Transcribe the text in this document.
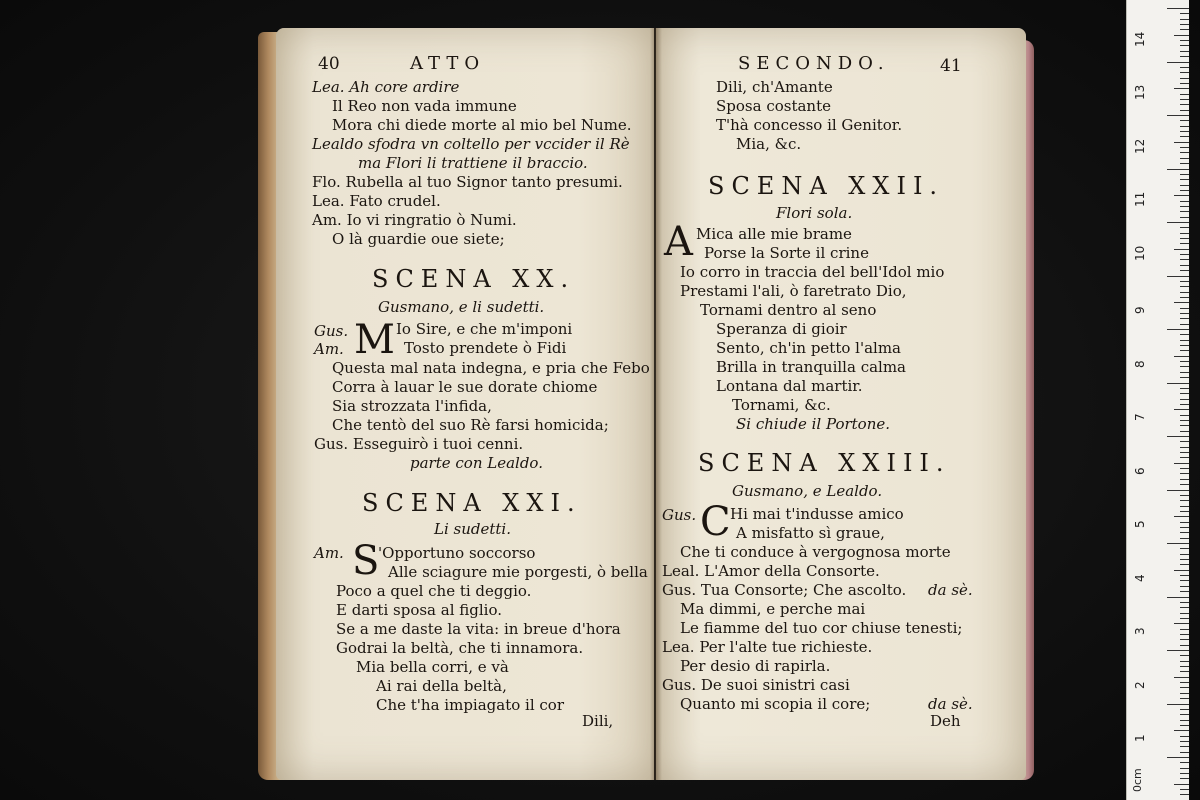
40	ATTO
Lea. Ah core ardire
Il Reo non vada immune
Mora chi diede morte al mio bel Nume.
Lealdo sfodra vn coltello per vccider il Rè
ma Flori li trattiene il braccio.
Flo. Rubella al tuo Signor tanto presumi.
Lea. Fato crudel.
Am. Io vi ringratio ò Numi.
O là guardie oue siete;
SCENA XX.
Gusmano, e li sudetti.
Gus.
Am. M Io Sire, e che m'imponi
Tosto prendete ò Fidi
Questa mal nata indegna, e pria che Febo
Corra à lauar le sue dorate chiome
Sia strozzata l'infida,
Che tentò del suo Rè farsi homicida;
Gus. Esseguirò i tuoi cenni.
parte con Lealdo.
SCENA XXI.
Li sudetti.
Am. S
'Opportuno soccorso
Alle sciagure mie porgesti, ò bella
Poco a quel che ti deggio.
E darti sposa al figlio.
Se a me daste la vita: in breue d'hora
Godrai la beltà, che ti innamora.
Mia bella corri, e và
Ai rai della beltà,
Che t'ha impiagato il cor
Dili,
SECONDO.	41
Dili, ch'Amante
Sposa costante
T'hà concesso il Genitor.
Mia, &c.
SCENA XXII.
Flori sola.
A Mica alle mie brame
Porse la Sorte il crine
Io corro in traccia del bell'Idol mio
Prestami l'ali, ò faretrato Dio,
Tornami dentro al seno
Speranza di gioir
Sento, ch'in petto l'alma
Brilla in tranquilla calma
Lontana dal martir.
Tornami, &c.
Si chiude il Portone.
SCENA XXIII.
Gusmano, e Lealdo.
Gus. C Hi mai t'indusse amico
A misfatto sì graue,
Che ti conduce à vergognosa morte
Leal. L'Amor della Consorte.
Gus. Tua Consorte; Che ascolto. da sè.
Ma dimmi, e perche mai
Le fiamme del tuo cor chiuse tenesti;
Lea. Per l'alte tue richieste.
Per desio di rapirla.
Gus. De suoi sinistri casi
Quanto mi scopia il core;	da sè.
Deh
14
13
12
11
10
9
8
7
6
5
4
3
2
1
0cm
